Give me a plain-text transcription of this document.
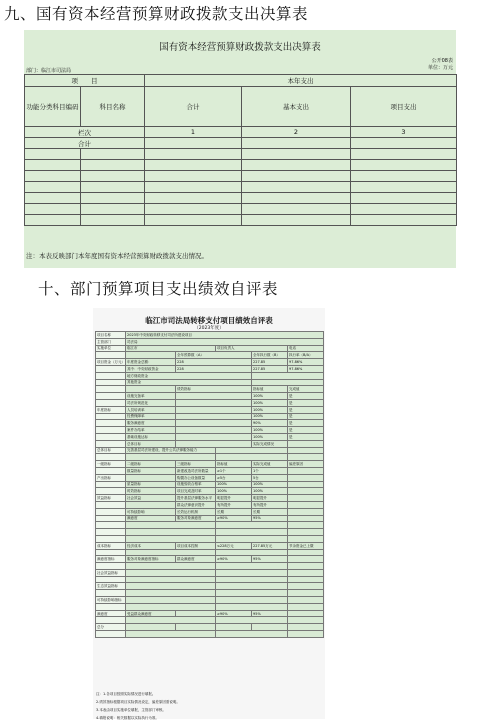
九、国有资本经营预算财政拨款支出决算表
国有资本经营预算财政拨款支出决算表
公开08表
单位：万元
部门：临江市司法局
项　　目		本年支出		
功能分类科目编码	科目名称	合计	基本支出	项目支出
栏次		1	2	3
合计				

注：本表反映部门本年度国有资本经营预算财政拨款支出情况。
十、部门预算项目支出绩效自评表
临江市司法局转移支付项目绩效自评表
（2023年度）
项目名称	2023年中央财政转移支付司法所建设项目				
主管部门	司法局				
实施单位	临江市		项目负责人		电话
		全年预算数（A）		全年执行数（B）	执行率（B/A）
项目资金（万元）	年度资金总额：	228		227.85	97.86%
	其中：中央财政资金	228		227.85	97.86%
	地方财政资金				
	其他资金				
		绩效指标		指标值	完成值
	设施完备率			100%	是
	司法所规范化			100%	是
年度指标	人员培训率			100%	是
	经费保障率			100%	是
	服务满意度			90%	是
	案件办结率			100%	是
	基础设施达标			100%	是
	总体目标			实际完成情况	
总体目标	完善基层司法所建设，提升公共法律服务能力				

一级指标	二级指标	三级指标	指标值	实际完成值	偏差原因
	数量指标	新建改造司法所数量	≥1个	1个	
产出指标		购置办公设备数量	≥5台	5台	
	质量指标	设施验收合格率	100%	100%	
	时效指标	项目完成及时率	100%	100%	
效益指标	社会效益	提升基层法律服务水平	明显提升	明显提升	
		群众法律意识提升	有所提升	有所提升	
	可持续影响	长效运行机制	长期	长期	
	满意度	服务对象满意度	≥90%	95%	

成本指标	经济成本	项目成本控制	≤228万元	227.85万元	节余资金已上缴

满意度指标	服务对象满意度指标	群众满意度	≥90%	95%	

社会效益指标					

生态效益指标					

可持续影响指标					

满意度	受益群众满意度		≥90%	95%	

总分					

注：1.各项目按照实际情况进行填报。
2.绩效指标根据项目实际情况设定，偏差原因需说明。
3.本表由项目实施单位填报，主管部门审核。
4.填报说明：相关数据以实际执行为准。
